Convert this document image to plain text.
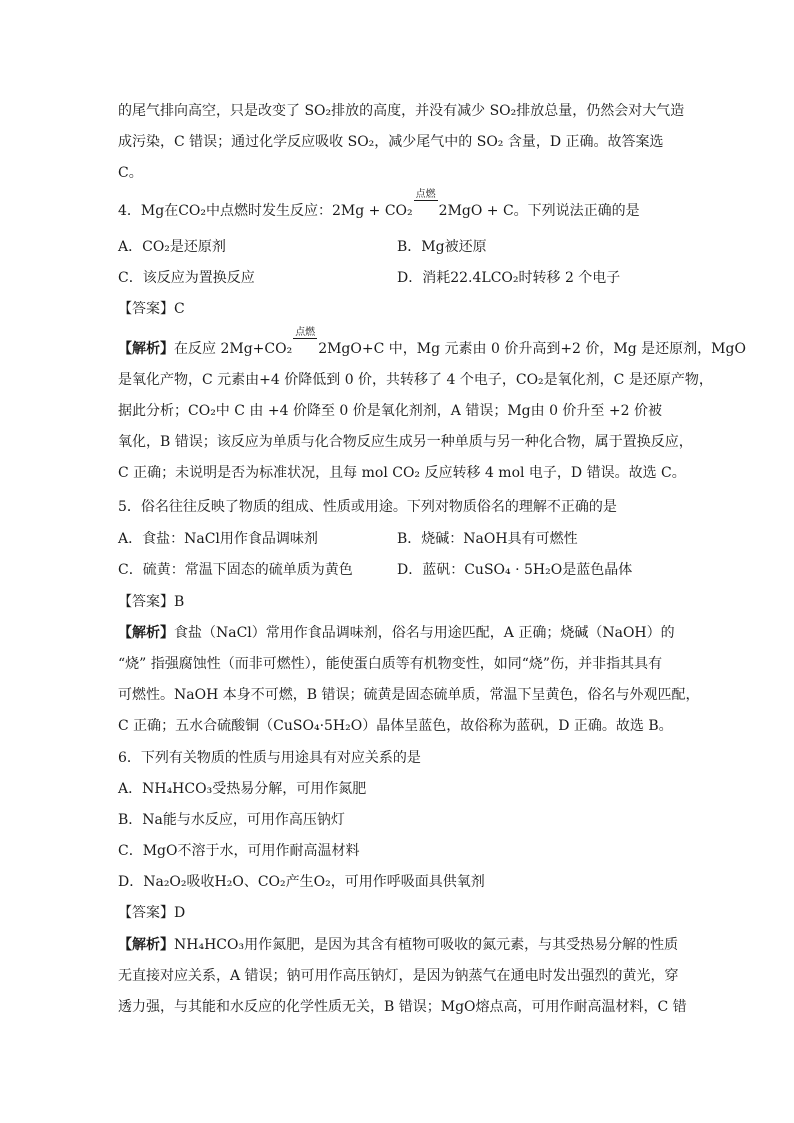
的尾气排向高空，只是改变了 SO₂排放的高度，并没有减少 SO₂排放总量，仍然会对大气造
成污染，C 错误；通过化学反应吸收 SO₂，减少尾气中的 SO₂ 含量，D 正确。故答案选
C。
4．Mg在CO₂中点燃时发生反应：2Mg + CO₂
点燃
2MgO + C。下列说法正确的是
A．CO₂是还原剂	B．Mg被还原
C．该反应为置换反应	D．消耗22.4LCO₂时转移 2 个电子
【答案】C
【解析】在反应 2Mg+CO₂
点燃
2MgO+C 中，Mg 元素由 0 价升高到+2 价，Mg 是还原剂，MgO
是氧化产物，C 元素由+4 价降低到 0 价，共转移了 4 个电子，CO₂是氧化剂，C 是还原产物，
据此分析；CO₂中 C 由 +4 价降至 0 价是氧化剂剂，A 错误；Mg由 0 价升至 +2 价被
氧化，B 错误；该反应为单质与化合物反应生成另一种单质与另一种化合物，属于置换反应，
C 正确；未说明是否为标准状况，且每 mol CO₂ 反应转移 4 mol 电子，D 错误。故选 C。
5．俗名往往反映了物质的组成、性质或用途。下列对物质俗名的理解不正确的是
A．食盐：NaCl用作食品调味剂	B．烧碱：NaOH具有可燃性
C．硫黄：常温下固态的硫单质为黄色	D．蓝矾：CuSO₄ · 5H₂O是蓝色晶体
【答案】B
【解析】食盐（NaCl）常用作食品调味剂，俗名与用途匹配，A 正确；烧碱（NaOH）的
“烧” 指强腐蚀性（而非可燃性），能使蛋白质等有机物变性，如同“烧”伤，并非指其具有
可燃性。NaOH 本身不可燃，B 错误；硫黄是固态硫单质，常温下呈黄色，俗名与外观匹配，
C 正确；五水合硫酸铜（CuSO₄·5H₂O）晶体呈蓝色，故俗称为蓝矾，D 正确。故选 B。
6．下列有关物质的性质与用途具有对应关系的是
A．NH₄HCO₃受热易分解，可用作氮肥
B．Na能与水反应，可用作高压钠灯
C．MgO不溶于水，可用作耐高温材料
D．Na₂O₂吸收H₂O、CO₂产生O₂，可用作呼吸面具供氧剂
【答案】D
【解析】NH₄HCO₃用作氮肥，是因为其含有植物可吸收的氮元素，与其受热易分解的性质
无直接对应关系，A 错误；钠可用作高压钠灯，是因为钠蒸气在通电时发出强烈的黄光，穿
透力强，与其能和水反应的化学性质无关，B 错误；MgO熔点高，可用作耐高温材料，C 错
